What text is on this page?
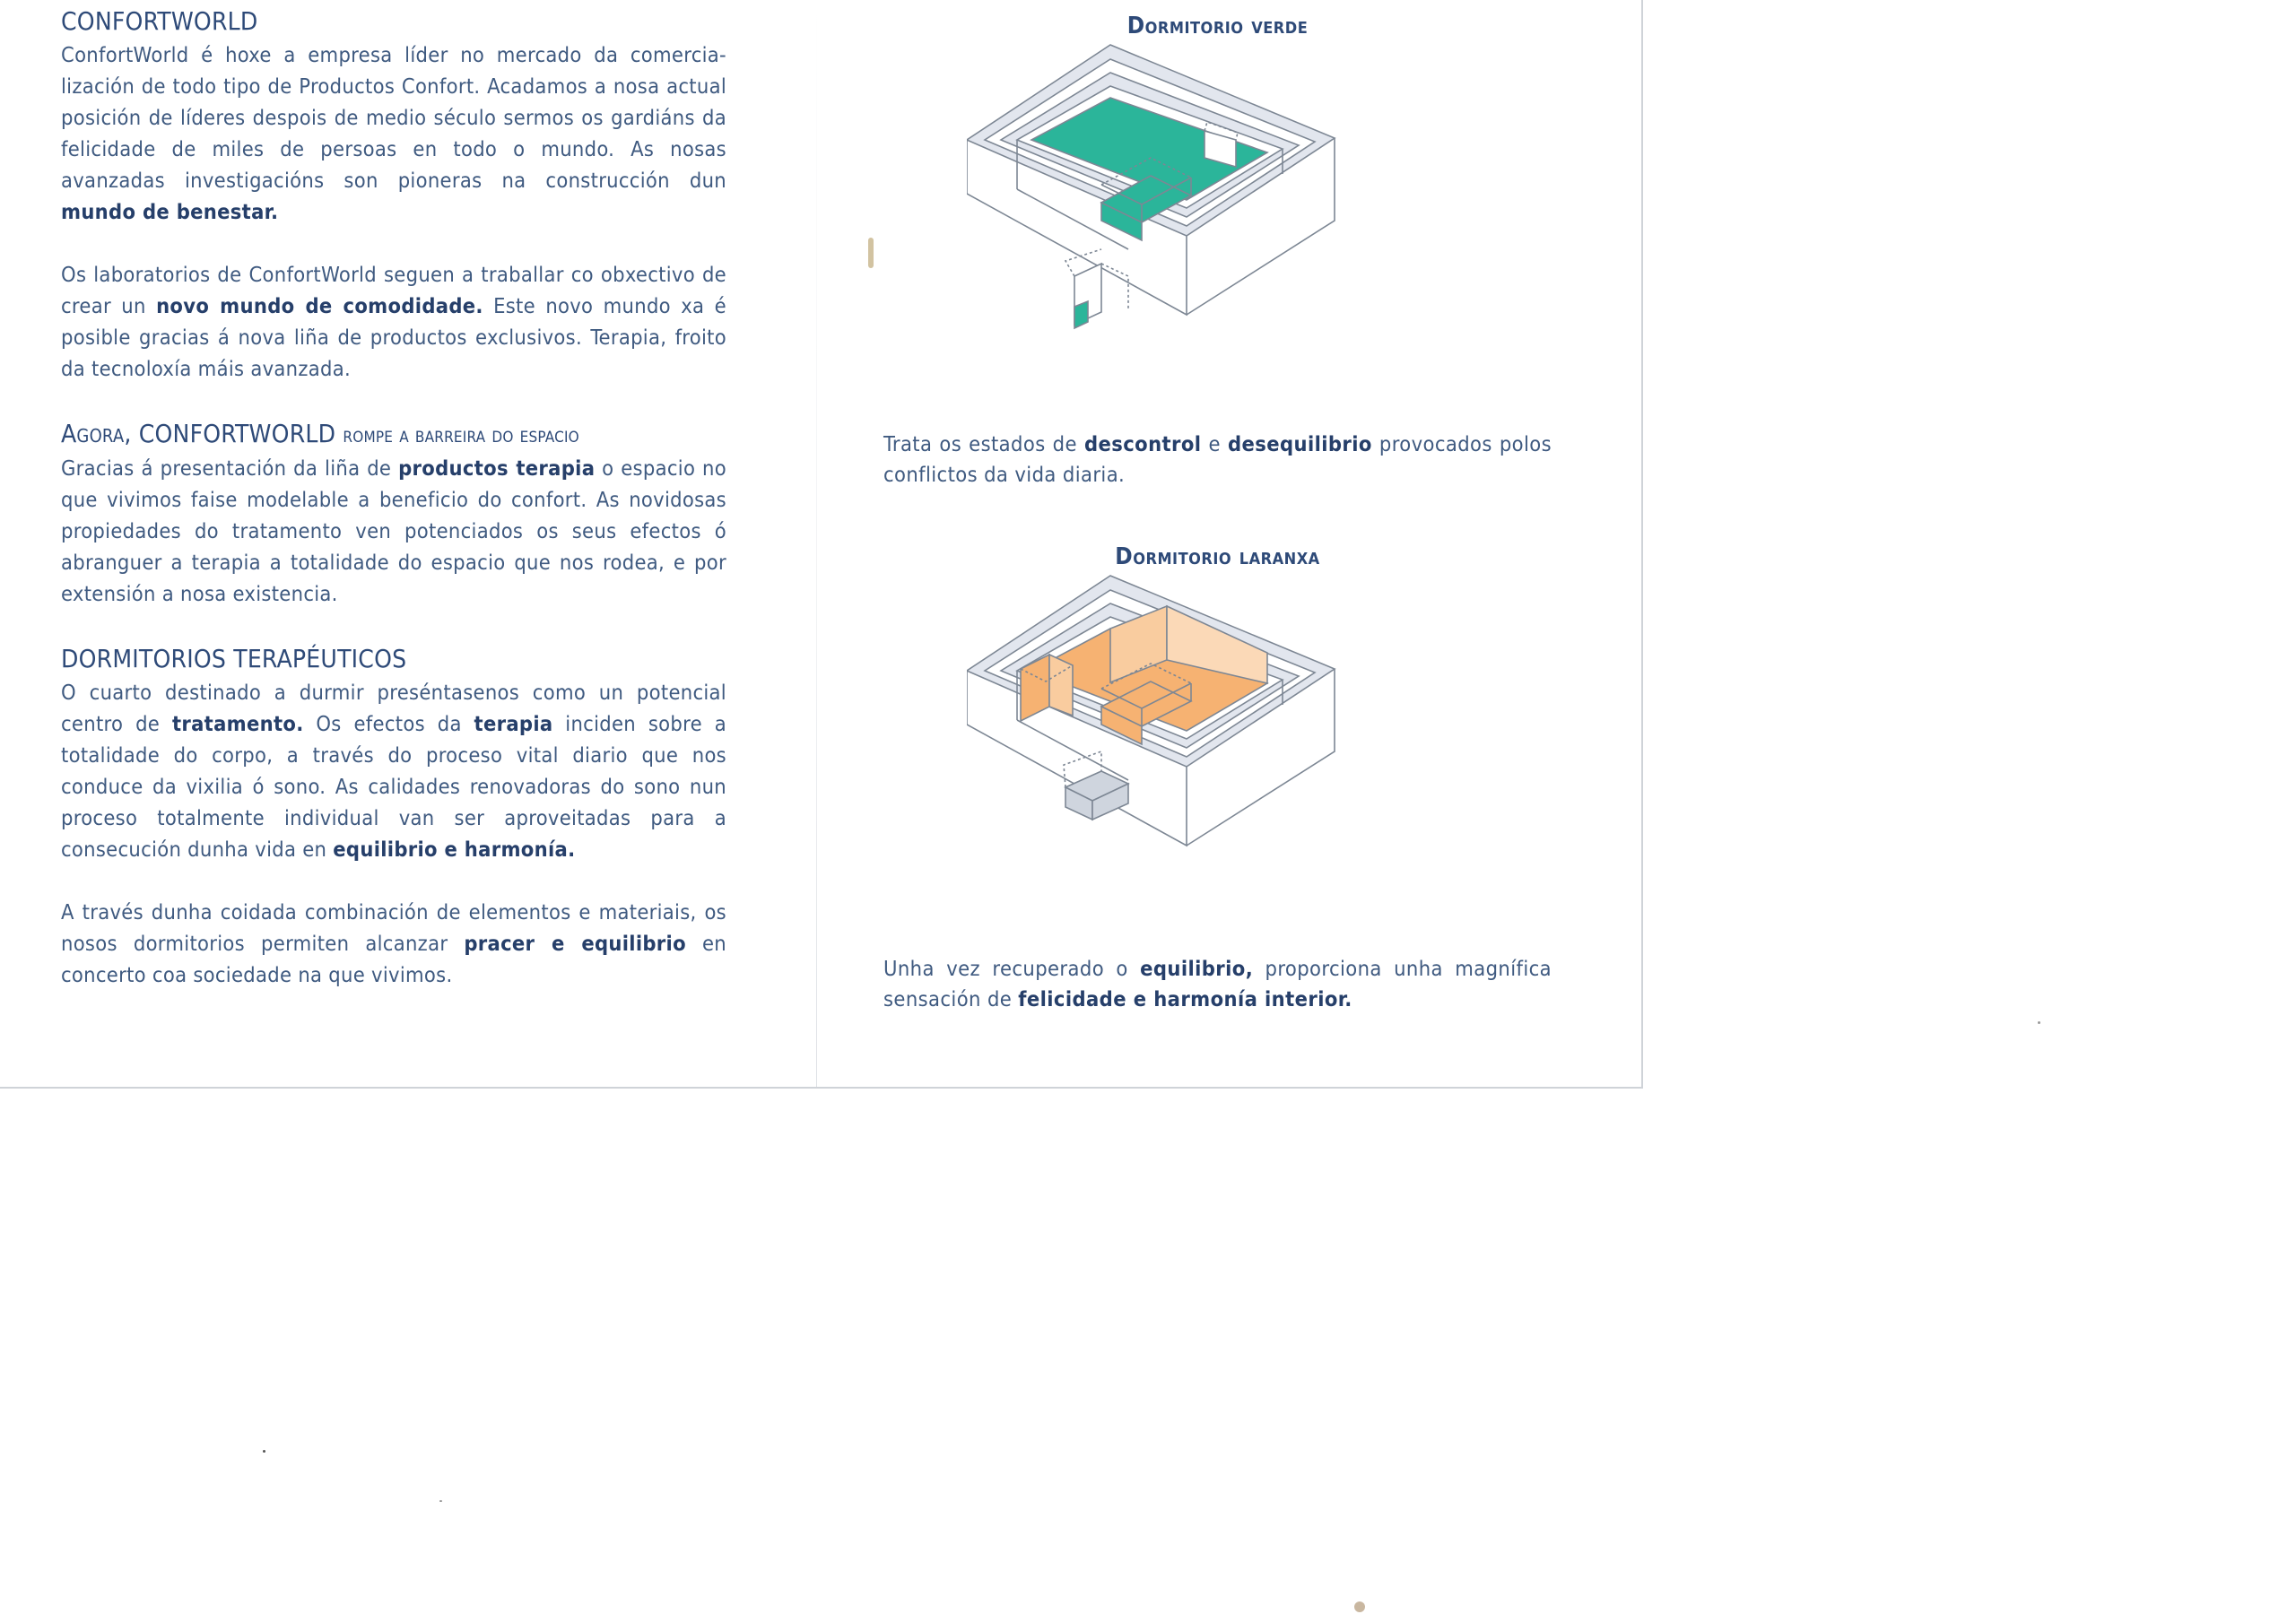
CONFORTWORLD

ConfortWorld é hoxe a empresa líder no mercado da comercia-lización de todo tipo de Productos Confort. Acadamos a nosa actual posición de líderes despois de medio século sermos os gardiáns da felicidade de miles de persoas en todo o mundo. As nosas avanzadas investigacións son pioneras na construcción dun mundo de benestar.

Os laboratorios de ConfortWorld seguen a traballar co obxectivo de crear un novo mundo de comodidade. Este novo mundo xa é posible gracias á nova liña de productos exclusivos. Terapia, froito da tecnoloxía máis avanzada.

Agora, CONFORTWORLD rompe a barreira do espacio

Gracias á presentación da liña de productos terapia o espacio no que vivimos faise modelable a beneficio do confort. As novidosas propiedades do tratamento ven potenciados os seus efectos ó abranguer a terapia a totalidade do espacio que nos rodea, e por extensión a nosa existencia.

DORMITORIOS TERAPÉUTICOS

O cuarto destinado a durmir preséntasenos como un potencial centro de tratamento. Os efectos da terapia inciden sobre a totalidade do corpo, a través do proceso vital diario que nos conduce da vixilia ó sono. As calidades renovadoras do sono nun proceso totalmente individual van ser aproveitadas para a consecución dunha vida en equilibrio e harmonía.

A través dunha coidada combinación de elementos e materiais, os nosos dormitorios permiten alcanzar pracer e equilibrio en concerto coa sociedade na que vivimos.

Dormitorio verde

Trata os estados de descontrol e desequilibrio provocados polos conflictos da vida diaria.

Dormitorio laranxa

Unha vez recuperado o equilibrio, proporciona unha magnífica sensación de felicidade e harmonía interior.
